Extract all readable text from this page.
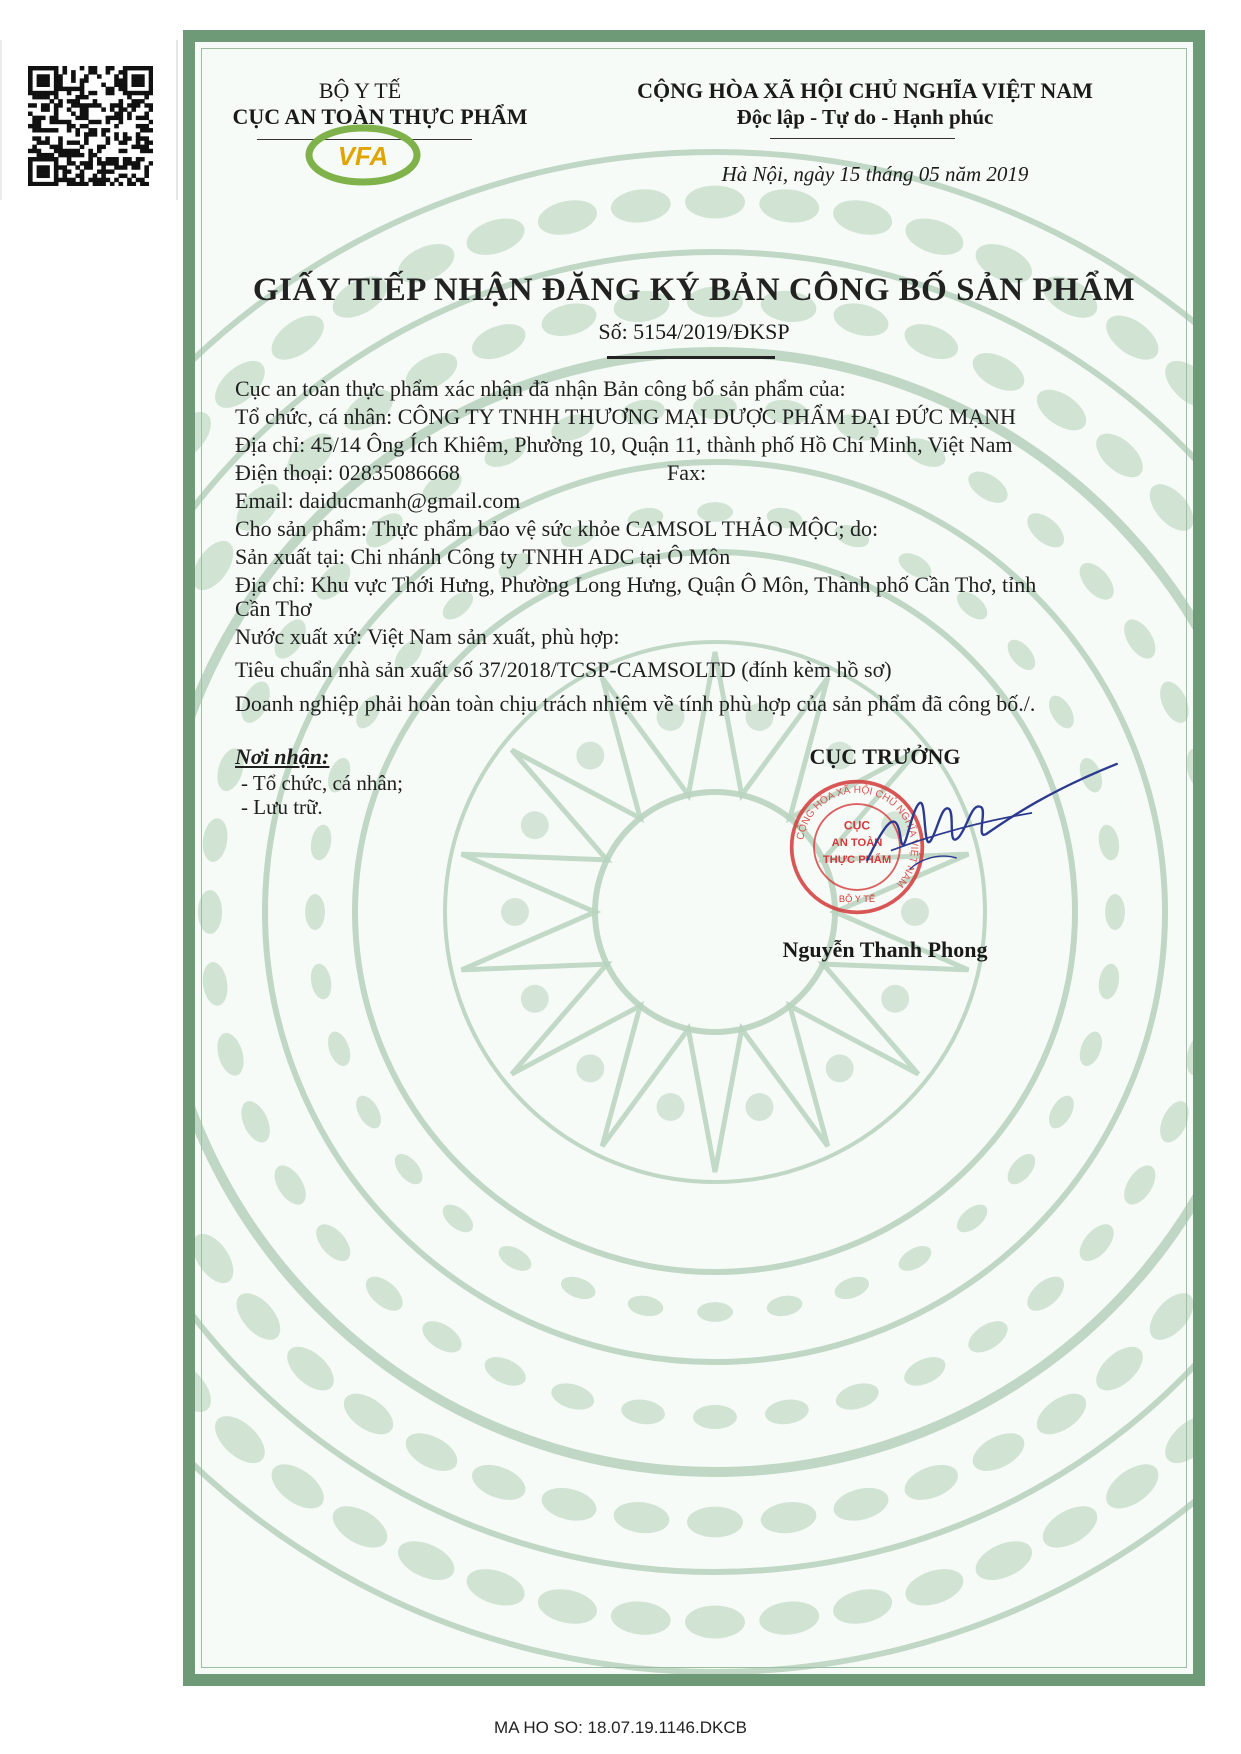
BỘ Y TẾ
CỤC AN TOÀN THỰC PHẨM
VFA
CỘNG HÒA XÃ HỘI CHỦ NGHĨA VIỆT NAM
Độc lập - Tự do - Hạnh phúc
Hà Nội, ngày 15 tháng 05 năm 2019
GIẤY TIẾP NHẬN ĐĂNG KÝ BẢN CÔNG BỐ SẢN PHẨM
Số: 5154/2019/ĐKSP
Cục an toàn thực phẩm xác nhận đã nhận Bản công bố sản phẩm của:
Tổ chức, cá nhân: CÔNG TY TNHH THƯƠNG MẠI DƯỢC PHẨM ĐẠI ĐỨC MẠNH
Địa chỉ: 45/14 Ông Ích Khiêm, Phường 10, Quận 11, thành phố Hồ Chí Minh, Việt Nam
Điện thoại: 02835086668	Fax:
Email: daiducmanh@gmail.com
Cho sản phẩm: Thực phẩm bảo vệ sức khỏe CAMSOL THẢO MỘC; do:
Sản xuất tại: Chi nhánh Công ty TNHH ADC tại Ô Môn
Địa chỉ: Khu vực Thới Hưng, Phường Long Hưng, Quận Ô Môn, Thành phố Cần Thơ, tỉnh
Cần Thơ
Nước xuất xứ: Việt Nam sản xuất, phù hợp:
Tiêu chuẩn nhà sản xuất số 37/2018/TCSP-CAMSOLTD (đính kèm hồ sơ)
Doanh nghiệp phải hoàn toàn chịu trách nhiệm về tính phù hợp của sản phẩm đã công bố./.
Nơi nhận:
- Tổ chức, cá nhân;
- Lưu trữ.
CỤC TRƯỞNG
CỘNG HÒA XÃ HỘI CHỦ NGHĨA VIỆT NAM
CỤC
AN TOÀN
THỰC PHẨM
BỘ Y TẾ
Nguyễn Thanh Phong
MA HO SO: 18.07.19.1146.DKCB
